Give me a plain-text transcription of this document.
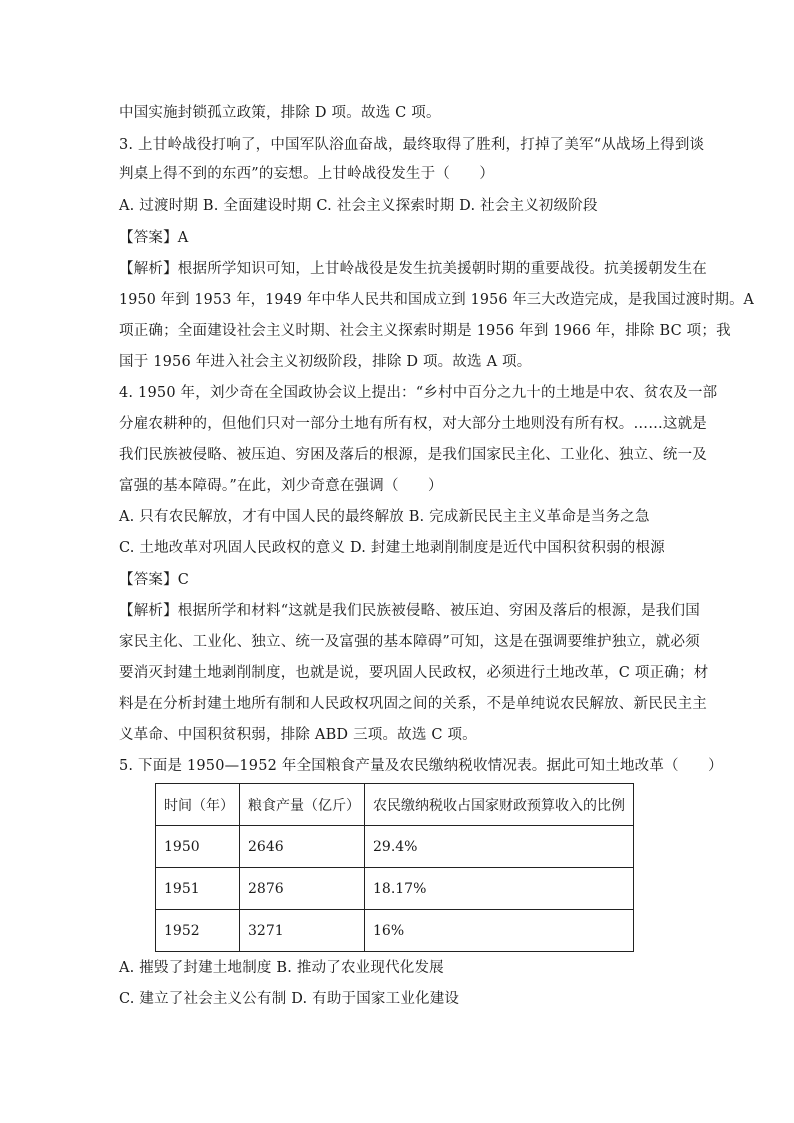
中国实施封锁孤立政策，排除 D 项。故选 C 项。
3. 上甘岭战役打响了，中国军队浴血奋战，最终取得了胜利，打掉了美军“从战场上得到谈
判桌上得不到的东西”的妄想。上甘岭战役发生于（　　）
A. 过渡时期 B. 全面建设时期 C. 社会主义探索时期 D. 社会主义初级阶段
【答案】A
【解析】根据所学知识可知，上甘岭战役是发生抗美援朝时期的重要战役。抗美援朝发生在
1950 年到 1953 年，1949 年中华人民共和国成立到 1956 年三大改造完成，是我国过渡时期。A
项正确；全面建设社会主义时期、社会主义探索时期是 1956 年到 1966 年，排除 BC 项；我
国于 1956 年进入社会主义初级阶段，排除 D 项。故选 A 项。
4. 1950 年，刘少奇在全国政协会议上提出：“乡村中百分之九十的土地是中农、贫农及一部
分雇农耕种的，但他们只对一部分土地有所有权，对大部分土地则没有所有权。……这就是
我们民族被侵略、被压迫、穷困及落后的根源，是我们国家民主化、工业化、独立、统一及
富强的基本障碍。”在此，刘少奇意在强调（　　）
A. 只有农民解放，才有中国人民的最终解放 B. 完成新民民主主义革命是当务之急
C. 土地改革对巩固人民政权的意义 D. 封建土地剥削制度是近代中国积贫积弱的根源
【答案】C
【解析】根据所学和材料“这就是我们民族被侵略、被压迫、穷困及落后的根源，是我们国
家民主化、工业化、独立、统一及富强的基本障碍”可知，这是在强调要维护独立，就必须
要消灭封建土地剥削制度，也就是说，要巩固人民政权，必须进行土地改革，C 项正确；材
料是在分析封建土地所有制和人民政权巩固之间的关系，不是单纯说农民解放、新民民主主
义革命、中国积贫积弱，排除 ABD 三项。故选 C 项。
5. 下面是 1950—1952 年全国粮食产量及农民缴纳税收情况表。据此可知土地改革（　　）
时间（年）	粮食产量（亿斤）	农民缴纳税收占国家财政预算收入的比例
1950	2646	29.4%
1951	2876	18.17%
1952	3271	16%
A. 摧毁了封建土地制度 B. 推动了农业现代化发展
C. 建立了社会主义公有制 D. 有助于国家工业化建设
